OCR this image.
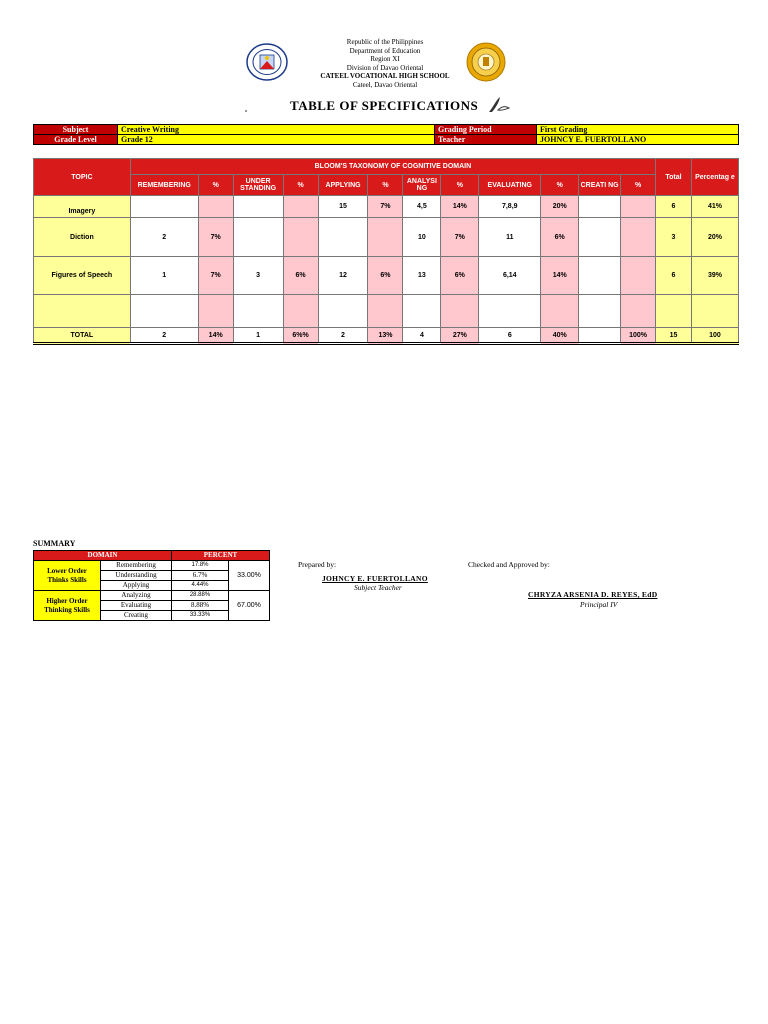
Republic of the Philippines
Department of Education
Region XI
Division of Davao Oriental
CATEEL VOCATIONAL HIGH SCHOOL
Cateel, Davao Oriental
TABLE OF SPECIFICATIONS
Subject	Creative Writing	Grading Period	First Grading
Grade Level	Grade 12	Teacher	JOHNCY E. FUERTOLLANO
TOPIC	BLOOM'S TAXONOMY OF COGNITIVE DOMAIN												Total	Percentag e
	REMEMBERING	%	UNDER STANDING	%	APPLYING	%	ANALYSI NG	%	EVALUATING	%	CREATI NG	%		
Imagery					15	7%	4,5	14%	7,8,9	20%			6	41%
Diction	2	7%					10	7%	11	6%			3	20%
Figures of Speech	1	7%	3	6%	12	6%	13	6%	6,14	14%			6	39%

TOTAL	2	14%	1	6%%	2	13%	4	27%	6	40%		100%	15	100
SUMMARY
DOMAIN		PERCENT	
Lower Order Thinks Skills	Remembering	17.8%	33.00%
	Understanding	6.7%	
	Applying	4.44%	
Higher Order Thinking Skills	Analyzing	28.88%	67.00%
	Evaluating	8.88%	
	Creating	33.33%	
Prepared by:
JOHNCY E. FUERTOLLANO
Subject Teacher
Checked and Approved by:
CHRYZA ARSENIA D. REYES, EdD
Principal IV
